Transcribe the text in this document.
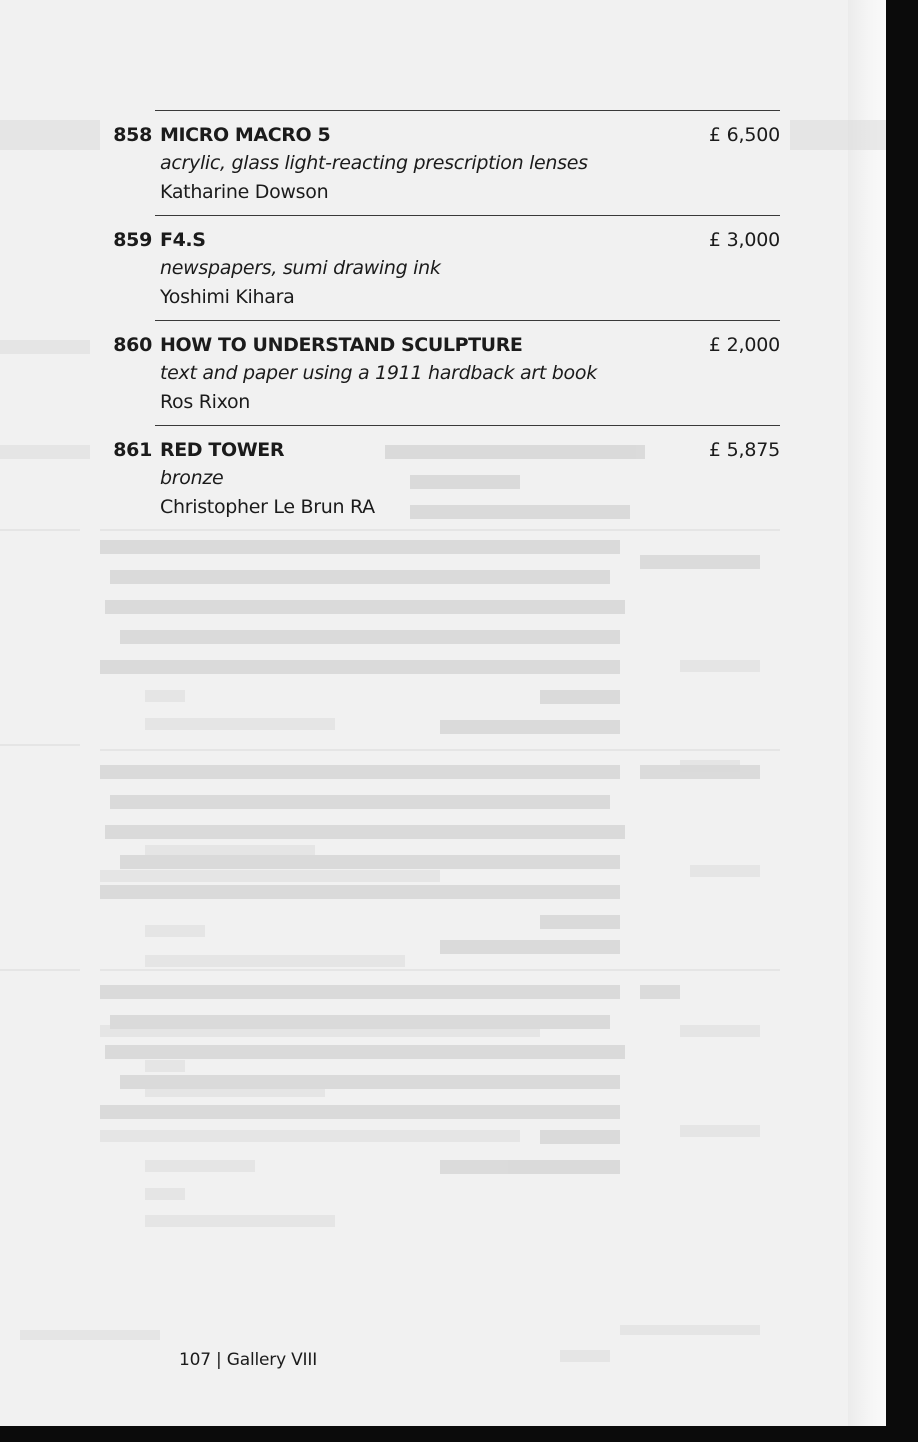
858 MICRO MACRO 5	£ 6,500
acrylic, glass light-reacting prescription lenses
Katharine Dowson
859 F4.S	£ 3,000
newspapers, sumi drawing ink
Yoshimi Kihara
860 HOW TO UNDERSTAND SCULPTURE	£ 2,000
text and paper using a 1911 hardback art book
Ros Rixon
861 RED TOWER	£ 5,875
bronze
Christopher Le Brun RA
107 | Gallery VIII
